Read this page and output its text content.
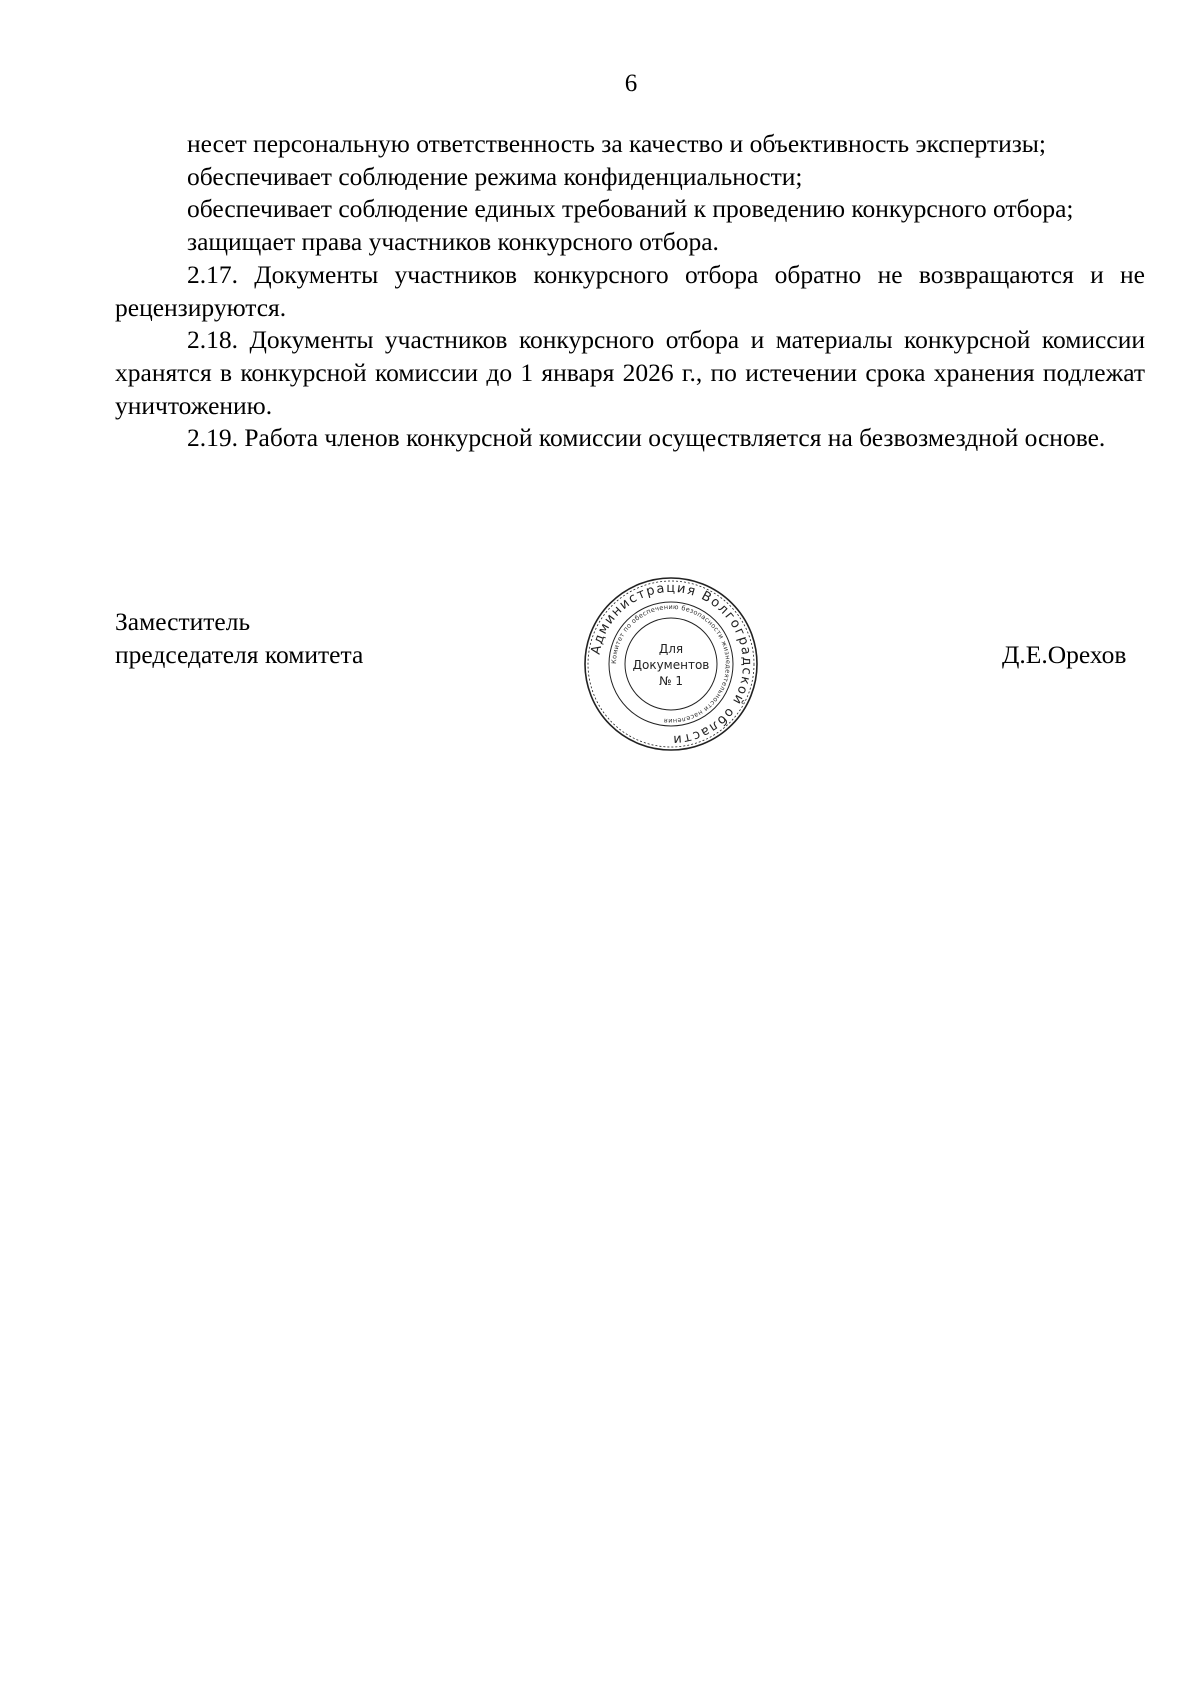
6

несет персональную ответственность за качество и объективность экспертизы;

обеспечивает соблюдение режима конфиденциальности;

обеспечивает соблюдение единых требований к проведению конкурсного отбора;

защищает права участников конкурсного отбора.

2.17. Документы участников конкурсного отбора обратно не возвращаются и не рецензируются.

2.18. Документы участников конкурсного отбора и материалы конкурсной комиссии хранятся в конкурсной комиссии до 1 января 2026 г., по истечении срока хранения подлежат уничтожению.

2.19. Работа членов конкурсной комиссии осуществляется на безвозмездной основе.

Заместитель
председателя комитета	Д.Е.Орехов
Администрация Волгоградской области
Комитет по обеспечению безопасности жизнедеятельности населения
Для
Документов
№ 1
